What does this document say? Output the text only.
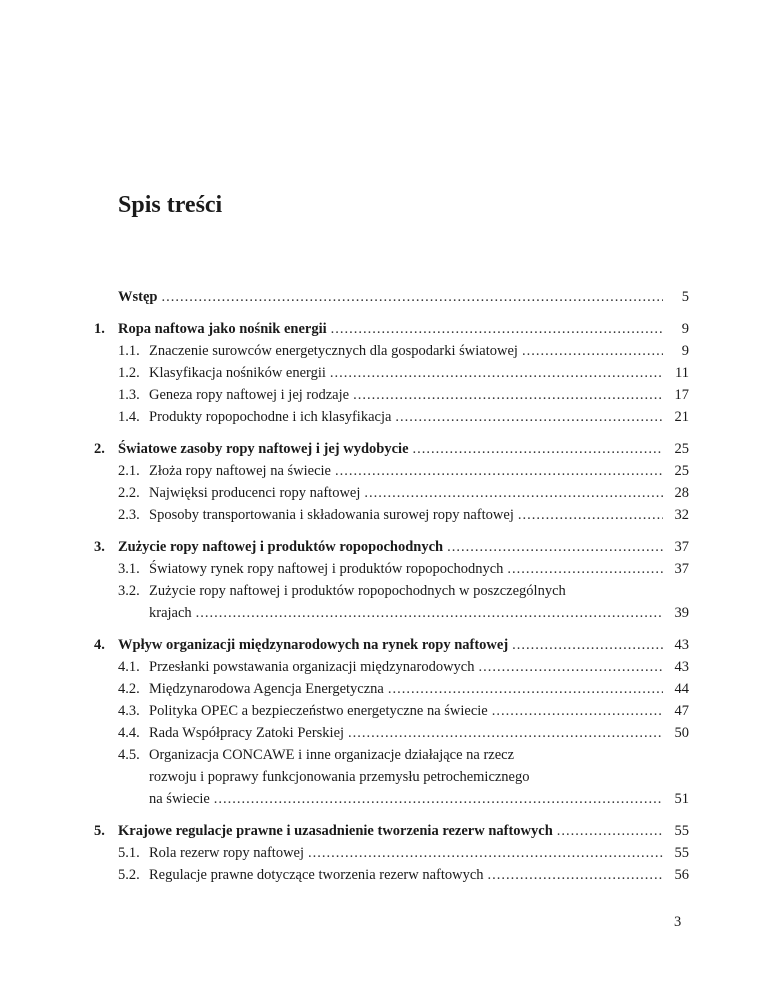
Spis treści
Wstęp .....	5
1. Ropa naftowa jako nośnik energii .....	9
1.1. Znaczenie surowców energetycznych dla gospodarki światowej .....	9
1.2. Klasyfikacja nośników energii .....	11
1.3. Geneza ropy naftowej i jej rodzaje .....	17
1.4. Produkty ropopochodne i ich klasyfikacja .....	21
2. Światowe zasoby ropy naftowej i jej wydobycie .....	25
2.1. Złoża ropy naftowej na świecie .....	25
2.2. Najwięksi producenci ropy naftowej .....	28
2.3. Sposoby transportowania i składowania surowej ropy naftowej .....	32
3. Zużycie ropy naftowej i produktów ropopochodnych .....	37
3.1. Światowy rynek ropy naftowej i produktów ropopochodnych .....	37
3.2. Zużycie ropy naftowej i produktów ropopochodnych w poszczególnych
krajach .....	39
4. Wpływ organizacji międzynarodowych na rynek ropy naftowej .....	43
4.1. Przesłanki powstawania organizacji międzynarodowych .....	43
4.2. Międzynarodowa Agencja Energetyczna .....	44
4.3. Polityka OPEC a bezpieczeństwo energetyczne na świecie .....	47
4.4. Rada Współpracy Zatoki Perskiej .....	50
4.5. Organizacja CONCAWE i inne organizacje działające na rzecz
rozwoju i poprawy funkcjonowania przemysłu petrochemicznego
na świecie .....	51
5. Krajowe regulacje prawne i uzasadnienie tworzenia rezerw naftowych .....	55
5.1. Rola rezerw ropy naftowej .....	55
5.2. Regulacje prawne dotyczące tworzenia rezerw naftowych .....	56
3
